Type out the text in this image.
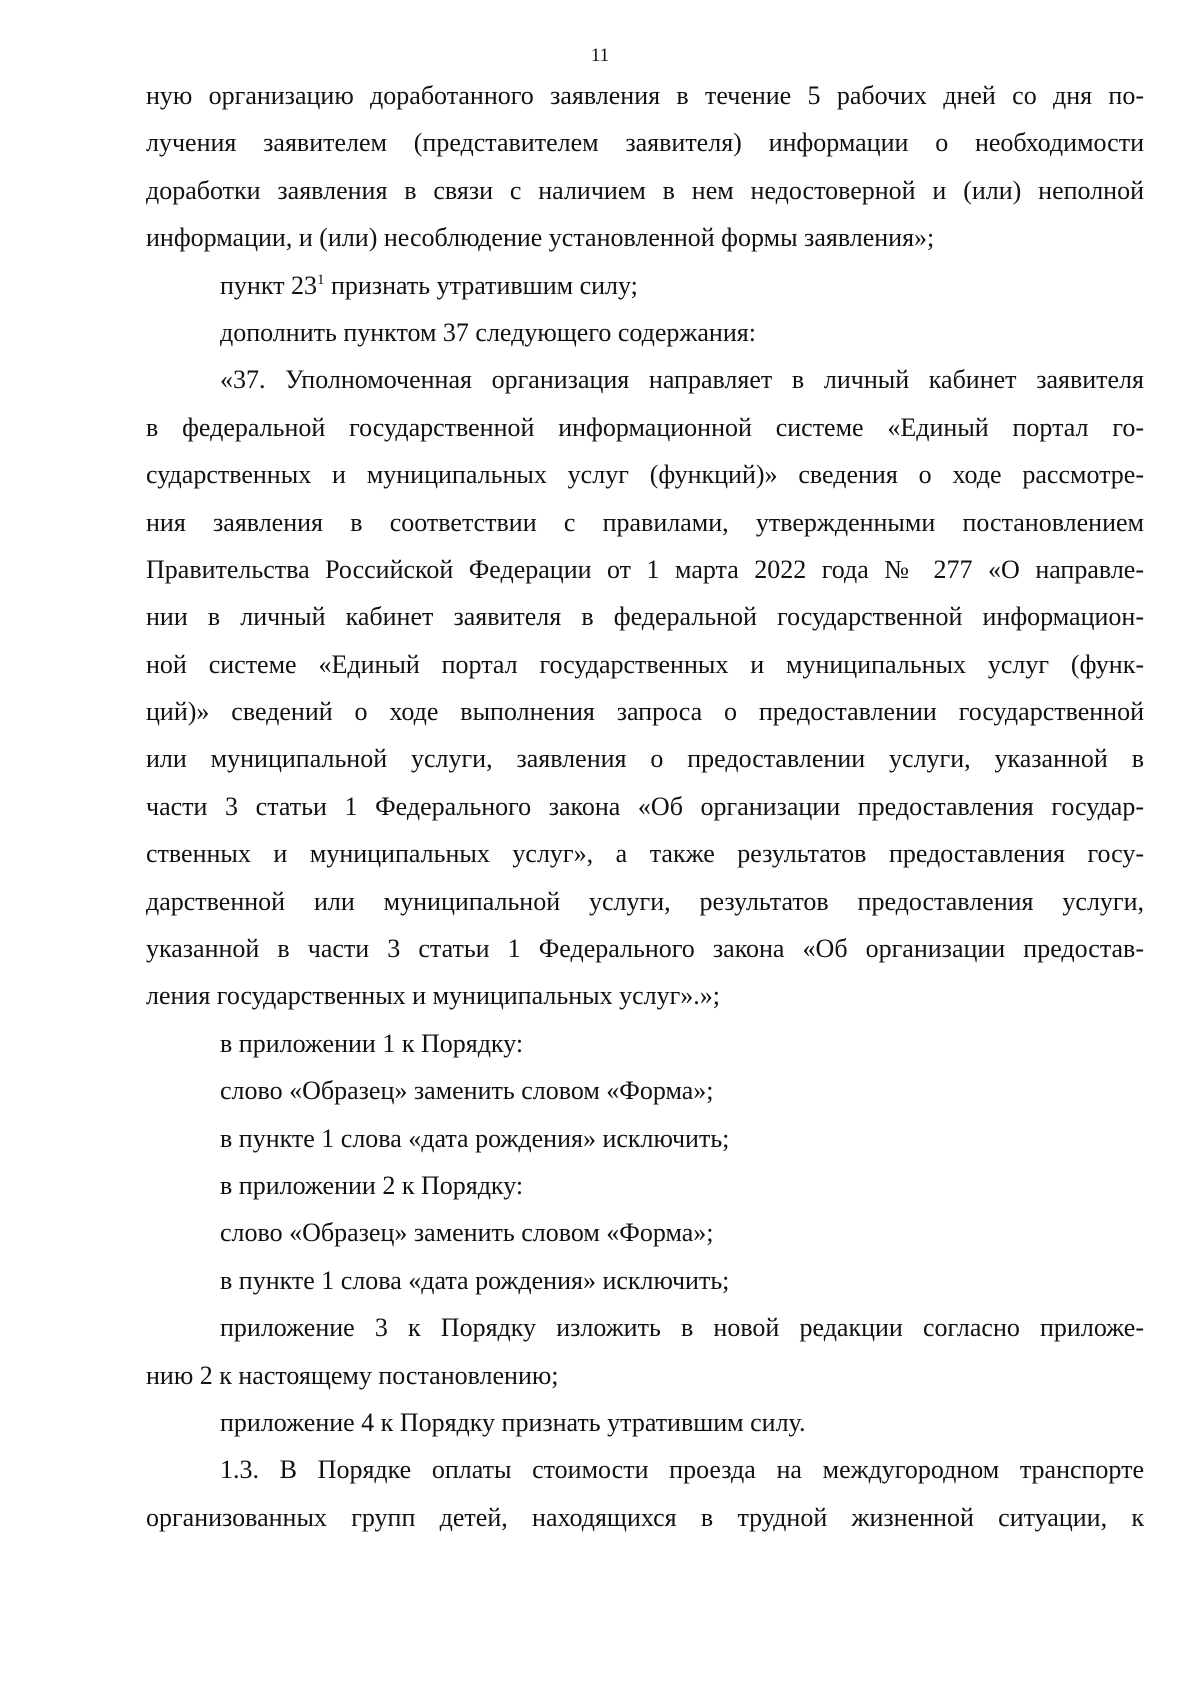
11
ную организацию доработанного заявления в течение 5 рабочих дней со дня по-
лучения заявителем (представителем заявителя) информации о необходимости
доработки заявления в связи с наличием в нем недостоверной и (или) неполной
информации, и (или) несоблюдение установленной формы заявления»;
пункт $23^1$ признать утратившим силу;
дополнить пунктом 37 следующего содержания:
«37. Уполномоченная организация направляет в личный кабинет заявителя
в федеральной государственной информационной системе «Единый портал го-
сударственных и муниципальных услуг (функций)» сведения о ходе рассмотре-
ния заявления в соответствии с правилами, утвержденными постановлением
Правительства Российской Федерации от 1 марта 2022 года № 277 «О направле-
нии в личный кабинет заявителя в федеральной государственной информацион-
ной системе «Единый портал государственных и муниципальных услуг (функ-
ций)» сведений о ходе выполнения запроса о предоставлении государственной
или муниципальной услуги, заявления о предоставлении услуги, указанной в
части 3 статьи 1 Федерального закона «Об организации предоставления государ-
ственных и муниципальных услуг», а также результатов предоставления госу-
дарственной или муниципальной услуги, результатов предоставления услуги,
указанной в части 3 статьи 1 Федерального закона «Об организации предостав-
ления государственных и муниципальных услуг».»;
в приложении 1 к Порядку:
слово «Образец» заменить словом «Форма»;
в пункте 1 слова «дата рождения» исключить;
в приложении 2 к Порядку:
слово «Образец» заменить словом «Форма»;
в пункте 1 слова «дата рождения» исключить;
приложение 3 к Порядку изложить в новой редакции согласно приложе-
нию 2 к настоящему постановлению;
приложение 4 к Порядку признать утратившим силу.
1.3. В Порядке оплаты стоимости проезда на междугородном транспорте
организованных групп детей, находящихся в трудной жизненной ситуации, к
